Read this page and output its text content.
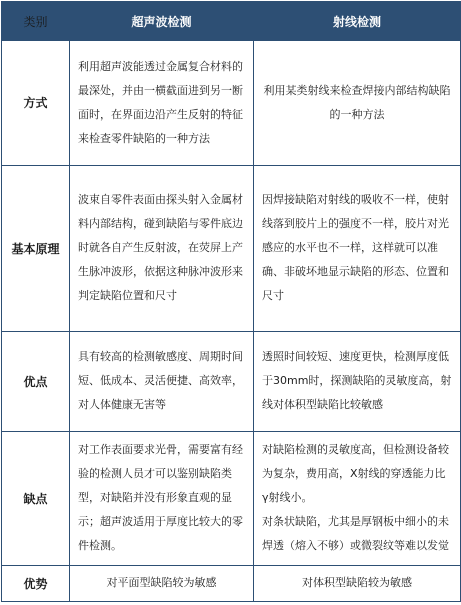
类别	超声波检测	射线检测
方式	利用超声波能透过金属复合材料的最深处，并由一横截面进到另一断面时，在界面边沿产生反射的特征来检查零件缺陷的一种方法	利用某类射线来检查焊接内部结构缺陷的一种方法

基本原理	波束自零件表面由探头射入金属材料内部结构，碰到缺陷与零件底边时就各自产生反射波，在荧屏上产生脉冲波形，依据这种脉冲波形来判定缺陷位置和尺寸	因焊接缺陷对射线的吸收不一样，使射线落到胶片上的强度不一样，胶片对光感应的水平也不一样，这样就可以准确、非破坏地显示缺陷的形态、位置和尺寸

优点	具有较高的检测敏感度、周期时间短、低成本、灵活便捷、高效率，对人体健康无害等	透照时间较短、速度更快，检测厚度低于30mm时，探测缺陷的灵敏度高，射线对体积型缺陷比较敏感

缺点	对工作表面要求光骨，需要富有经验的检测人员才可以鉴别缺陷类型，对缺陷并没有形象直观的显示；超声波适用于厚度比较大的零件检测。	对缺陷检测的灵敏度高，但检测设备较为复杂，费用高，X射线的穿透能力比γ射线小。
对条状缺陷，尤其是厚钢板中细小的未焊透（熔入不够）或微裂纹等难以发觉

优势	对平面型缺陷较为敏感	对体积型缺陷较为敏感
